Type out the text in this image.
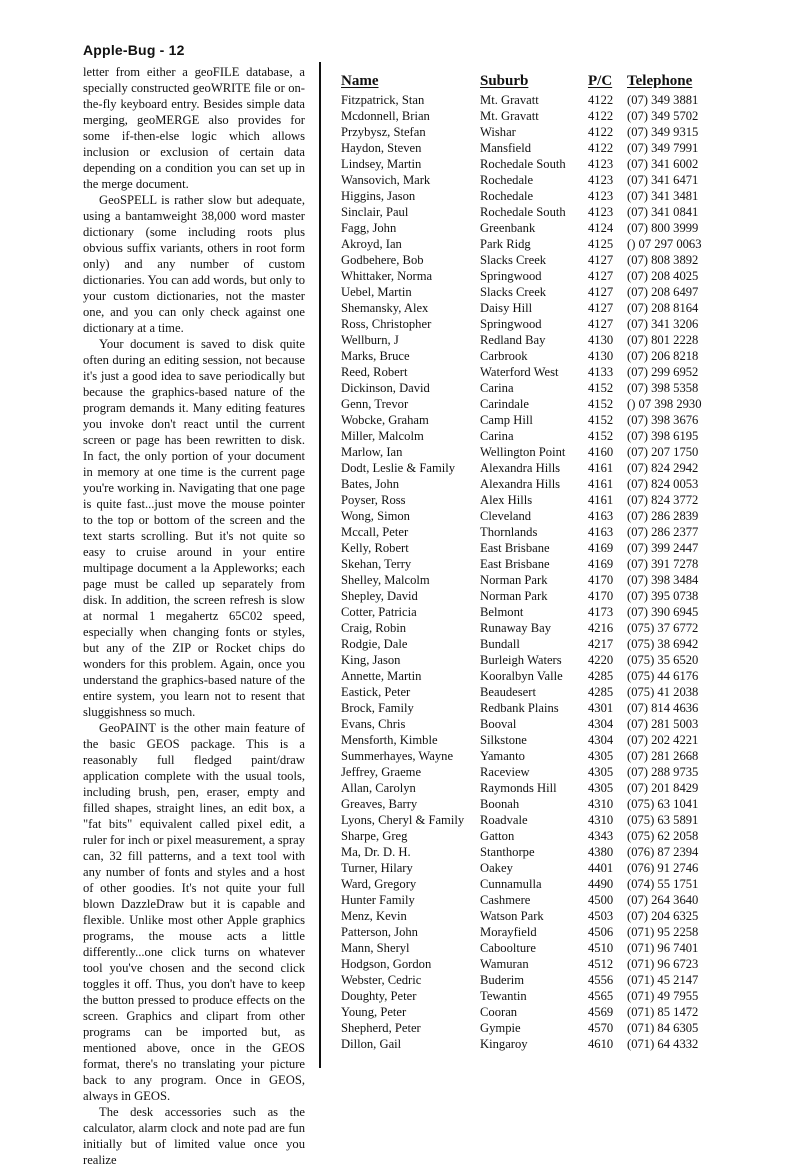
Apple-Bug - 12

letter from either a geoFILE database, a specially constructed geoWRITE file or on-the-fly keyboard entry. Besides simple data merging, geoMERGE also provides for some if-then-else logic which allows inclusion or exclusion of certain data depending on a condition you can set up in the merge document.

GeoSPELL is rather slow but adequate, using a bantamweight 38,000 word master dictionary (some including roots plus obvious suffix variants, others in root form only) and any number of custom dictionaries. You can add words, but only to your custom dictionaries, not the master one, and you can only check against one dictionary at a time.

Your document is saved to disk quite often during an editing session, not because it's just a good idea to save periodically but because the graphics-based nature of the program demands it. Many editing features you invoke don't react until the current screen or page has been rewritten to disk. In fact, the only portion of your document in memory at one time is the current page you're working in. Navigating that one page is quite fast...just move the mouse pointer to the top or bottom of the screen and the text starts scrolling. But it's not quite so easy to cruise around in your entire multipage document a la Appleworks; each page must be called up separately from disk. In addition, the screen refresh is slow at normal 1 megahertz 65C02 speed, especially when changing fonts or styles, but any of the ZIP or Rocket chips do wonders for this problem. Again, once you understand the graphics-based nature of the entire system, you learn not to resent that sluggishness so much.

GeoPAINT is the other main feature of the basic GEOS package. This is a reasonably full fledged paint/draw application complete with the usual tools, including brush, pen, eraser, empty and filled shapes, straight lines, an edit box, a "fat bits" equivalent called pixel edit, a ruler for inch or pixel measurement, a spray can, 32 fill patterns, and a text tool with any number of fonts and styles and a host of other goodies. It's not quite your full blown DazzleDraw but it is capable and flexible. Unlike most other Apple graphics programs, the mouse acts a little differently...one click turns on whatever tool you've chosen and the second click toggles it off. Thus, you don't have to keep the button pressed to produce effects on the screen. Graphics and clipart from other programs can be imported but, as mentioned above, once in the GEOS format, there's no translating your picture back to any program. Once in GEOS, always in GEOS.

The desk accessories such as the calculator, alarm clock and note pad are fun initially but of limited value once you realize

Name	Suburb	P/C Telephone
Fitzpatrick, Stan	Mt. Gravatt	4122	(07) 349 3881
Mcdonnell, Brian	Mt. Gravatt	4122	(07) 349 5702
Przybysz, Stefan	Wishar	4122	(07) 349 9315
Haydon, Steven	Mansfield	4122	(07) 349 7991
Lindsey, Martin	Rochedale South	4123	(07) 341 6002
Wansovich, Mark	Rochedale	4123	(07) 341 6471
Higgins, Jason	Rochedale	4123	(07) 341 3481
Sinclair, Paul	Rochedale South	4123	(07) 341 0841
Fagg, John	Greenbank	4124	(07) 800 3999
Akroyd, Ian	Park Ridg	4125	() 07 297 0063
Godbehere, Bob	Slacks Creek	4127	(07) 808 3892
Whittaker, Norma	Springwood	4127	(07) 208 4025
Uebel, Martin	Slacks Creek	4127	(07) 208 6497
Shemansky, Alex	Daisy Hill	4127	(07) 208 8164
Ross, Christopher	Springwood	4127	(07) 341 3206
Wellburn, J	Redland Bay	4130	(07) 801 2228
Marks, Bruce	Carbrook	4130	(07) 206 8218
Reed, Robert	Waterford West	4133	(07) 299 6952
Dickinson, David	Carina	4152	(07) 398 5358
Genn, Trevor	Carindale	4152	() 07 398 2930
Wobcke, Graham	Camp Hill	4152	(07) 398 3676
Miller, Malcolm	Carina	4152	(07) 398 6195
Marlow, Ian	Wellington Point	4160	(07) 207 1750
Dodt, Leslie & Family	Alexandra Hills	4161	(07) 824 2942
Bates, John	Alexandra Hills	4161	(07) 824 0053
Poyser, Ross	Alex Hills	4161	(07) 824 3772
Wong, Simon	Cleveland	4163	(07) 286 2839
Mccall, Peter	Thornlands	4163	(07) 286 2377
Kelly, Robert	East Brisbane	4169	(07) 399 2447
Skehan, Terry	East Brisbane	4169	(07) 391 7278
Shelley, Malcolm	Norman Park	4170	(07) 398 3484
Shepley, David	Norman Park	4170	(07) 395 0738
Cotter, Patricia	Belmont	4173	(07) 390 6945
Craig, Robin	Runaway Bay	4216	(075) 37 6772
Rodgie, Dale	Bundall	4217	(075) 38 6942
King, Jason	Burleigh Waters	4220	(075) 35 6520
Annette, Martin	Kooralbyn Valle	4285	(075) 44 6176
Eastick, Peter	Beaudesert	4285	(075) 41 2038
Brock, Family	Redbank Plains	4301	(07) 814 4636
Evans, Chris	Booval	4304	(07) 281 5003
Mensforth, Kimble	Silkstone	4304	(07) 202 4221
Summerhayes, Wayne	Yamanto	4305	(07) 281 2668
Jeffrey, Graeme	Raceview	4305	(07) 288 9735
Allan, Carolyn	Raymonds Hill	4305	(07) 201 8429
Greaves, Barry	Boonah	4310	(075) 63 1041
Lyons, Cheryl & Family	Roadvale	4310	(075) 63 5891
Sharpe, Greg	Gatton	4343	(075) 62 2058
Ma, Dr. D. H.	Stanthorpe	4380	(076) 87 2394
Turner, Hilary	Oakey	4401	(076) 91 2746
Ward, Gregory	Cunnamulla	4490	(074) 55 1751
Hunter Family	Cashmere	4500	(07) 264 3640
Menz, Kevin	Watson Park	4503	(07) 204 6325
Patterson, John	Morayfield	4506	(071) 95 2258
Mann, Sheryl	Caboolture	4510	(071) 96 7401
Hodgson, Gordon	Wamuran	4512	(071) 96 6723
Webster, Cedric	Buderim	4556	(071) 45 2147
Doughty, Peter	Tewantin	4565	(071) 49 7955
Young, Peter	Cooran	4569	(071) 85 1472
Shepherd, Peter	Gympie	4570	(071) 84 6305
Dillon, Gail	Kingaroy	4610	(071) 64 4332
